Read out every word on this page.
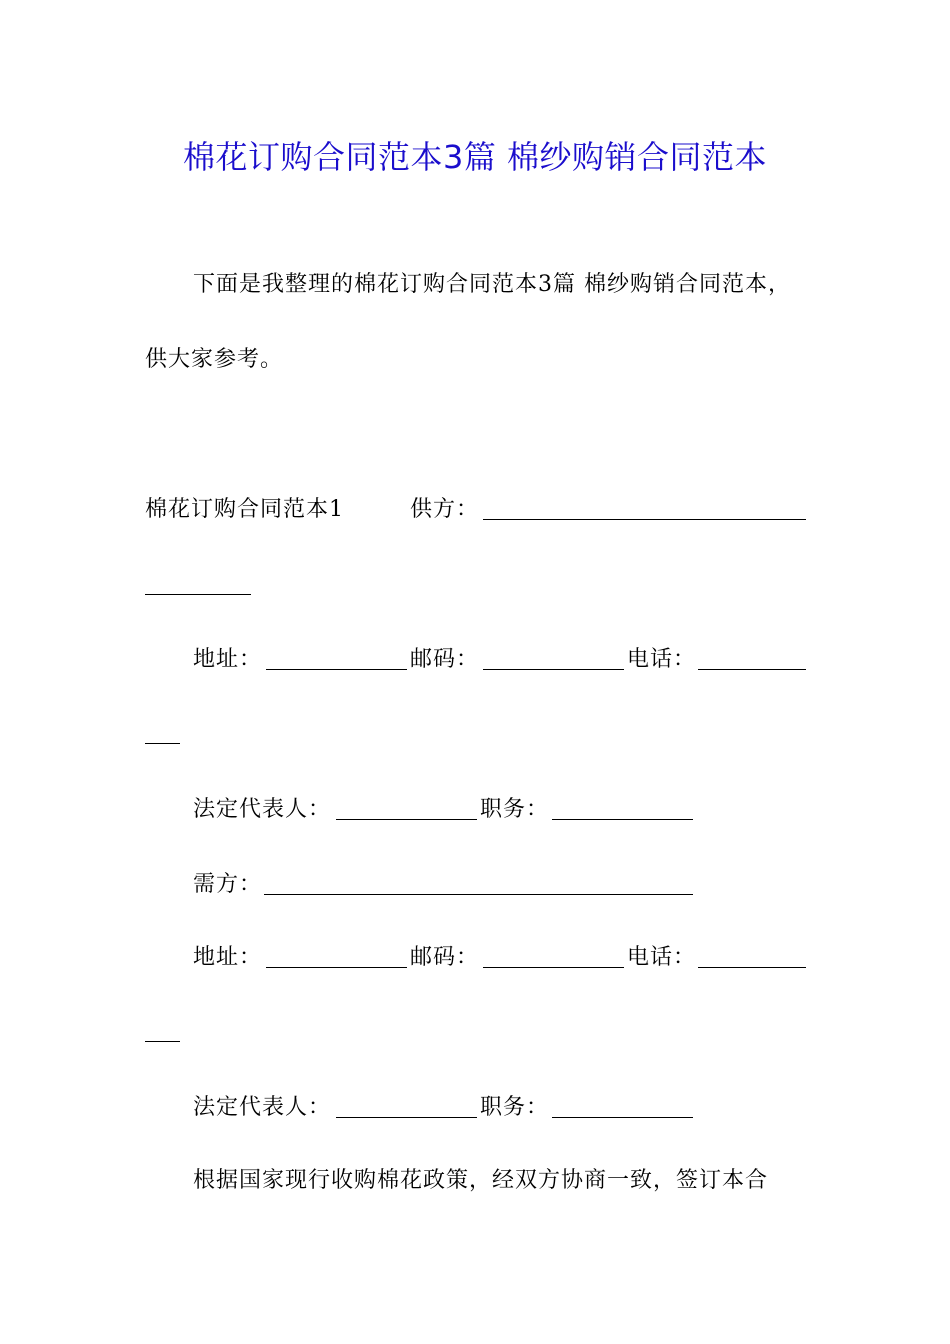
棉花订购合同范本3篇 棉纱购销合同范本
下面是我整理的棉花订购合同范本3篇 棉纱购销合同范本，
供大家参考。
棉花订购合同范本1	供方：
地址：	邮码：	电话：
法定代表人：	职务：
需方：
地址：	邮码：	电话：
法定代表人：	职务：
根据国家现行收购棉花政策，经双方协商一致，签订本合
